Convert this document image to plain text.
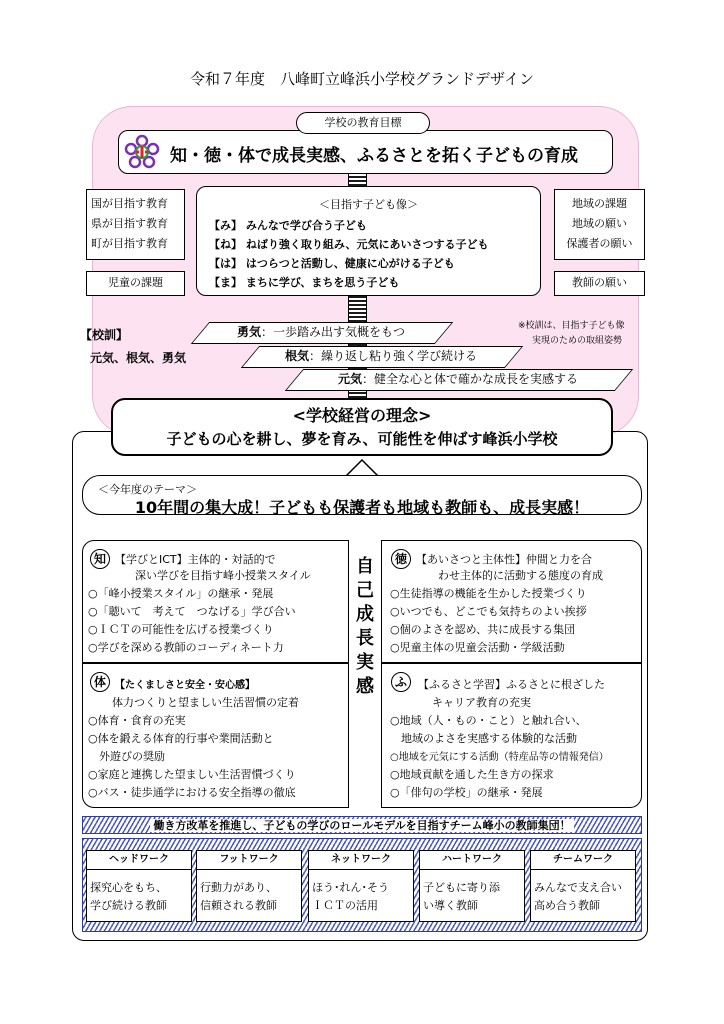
令和７年度　八峰町立峰浜小学校グランドデザイン
知・徳・体で成長実感、ふるさとを拓く子どもの育成
学校の教育目標
国が目指す教育
県が目指す教育
町が目指す教育
児童の課題
地域の課題
地域の願い
保護者の願い
教師の願い
＜目指す子ども像＞
【み】 みんなで学び合う子ども
【ね】 ねばり強く取り組み、元気にあいさつする子ども
【は】 はつらつと活動し、健康に心がける子ども
【ま】 まちに学び、まちを思う子ども
【校訓】
元気、根気、勇気
※校訓は、目指す子ども像
実現のための取組姿勢
勇気：一歩踏み出す気概をもつ
根気：繰り返し粘り強く学び続ける
元気：健全な心と体で確かな成長を実感する
<学校経営の理念>
子どもの心を耕し、夢を育み、可能性を伸ばす峰浜小学校
＜今年度のテーマ＞
10年間の集大成！子どもも保護者も地域も教師も、成長実感！
自
己
成
長
実
感
知 【学びとICT】主体的・対話的で
深い学びを目指す峰小授業スタイル
○「峰小授業スタイル」の継承・発展
○「聴いて　考えて　つなげる」学び合い
○ＩＣＴの可能性を広げる授業づくり
○学びを深める教師のコーディネート力
徳 【あいさつと主体性】仲間と力を合
わせ主体的に活動する態度の育成
○生徒指導の機能を生かした授業づくり
○いつでも、どこでも気持ちのよい挨拶
○個のよさを認め、共に成長する集団
○児童主体の児童会活動・学級活動
体 【たくましさと安全・安心感】
体力つくりと望ましい生活習慣の定着
○体育・食育の充実
○体を鍛える体育的行事や業間活動と
　外遊びの奨励
○家庭と連携した望ましい生活習慣づくり
○バス・徒歩通学における安全指導の徹底
ふ	【ふるさと学習】ふるさとに根ざした
キャリア教育の充実
○地域（人・もの・こと）と触れ合い、
　地域のよさを実感する体験的な活動
○地域を元気にする活動（特産品等の情報発信）
○地域貢献を通した生き方の探求
○「俳句の学校」の継承・発展
働き方改革を推進し、子どもの学びのロールモデルを目指すチーム峰小の教師集団！
ヘッドワーク
探究心をもち、
学び続ける教師
フットワーク
行動力があり、
信頼される教師
ネットワーク
ほう･れん･そう
ＩＣＴの活用
ハートワーク
子どもに寄り添
い導く教師
チームワーク
みんなで支え合い
高め合う教師
